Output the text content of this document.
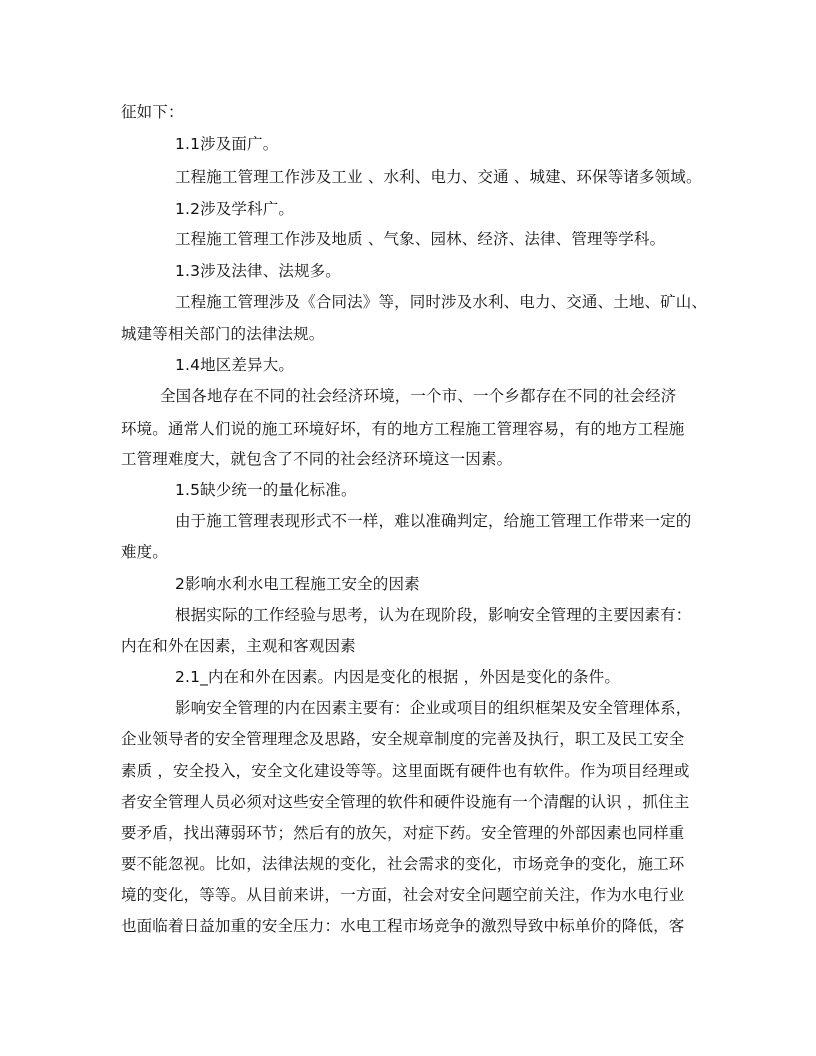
征如下：
1.1涉及面广。
工程施工管理工作涉及工业 、水利、电力、交通 、城建、环保等诸多领域。
1.2涉及学科广。
工程施工管理工作涉及地质 、气象、园林、经济、法律、管理等学科。
1.3涉及法律、法规多。
工程施工管理涉及《合同法》等，同时涉及水利、电力、交通、土地、矿山、
城建等相关部门的法律法规。
1.4地区差异大。
全国各地存在不同的社会经济环境，一个市、一个乡都存在不同的社会经济
环境。通常人们说的施工环境好坏，有的地方工程施工管理容易，有的地方工程施
工管理难度大，就包含了不同的社会经济环境这一因素。
1.5缺少统一的量化标准。
由于施工管理表现形式不一样，难以准确判定，给施工管理工作带来一定的
难度。
2影响水利水电工程施工安全的因素
根据实际的工作经验与思考，认为在现阶段，影响安全管理的主要因素有：
内在和外在因素，主观和客观因素
2.1_内在和外在因素。内因是变化的根据 ，外因是变化的条件。
影响安全管理的内在因素主要有：企业或项目的组织框架及安全管理体系，
企业领导者的安全管理理念及思路，安全规章制度的完善及执行，职工及民工安全
素质 ，安全投入，安全文化建设等等。这里面既有硬件也有软件。作为项目经理或
者安全管理人员必须对这些安全管理的软件和硬件设施有一个清醒的认识 ，抓住主
要矛盾，找出薄弱环节；然后有的放矢，对症下药。安全管理的外部因素也同样重
要不能忽视。比如，法律法规的变化，社会需求的变化，市场竞争的变化，施工环
境的变化，等等。从目前来讲，一方面，社会对安全问题空前关注，作为水电行业
也面临着日益加重的安全压力：水电工程市场竞争的激烈导致中标单价的降低，客
